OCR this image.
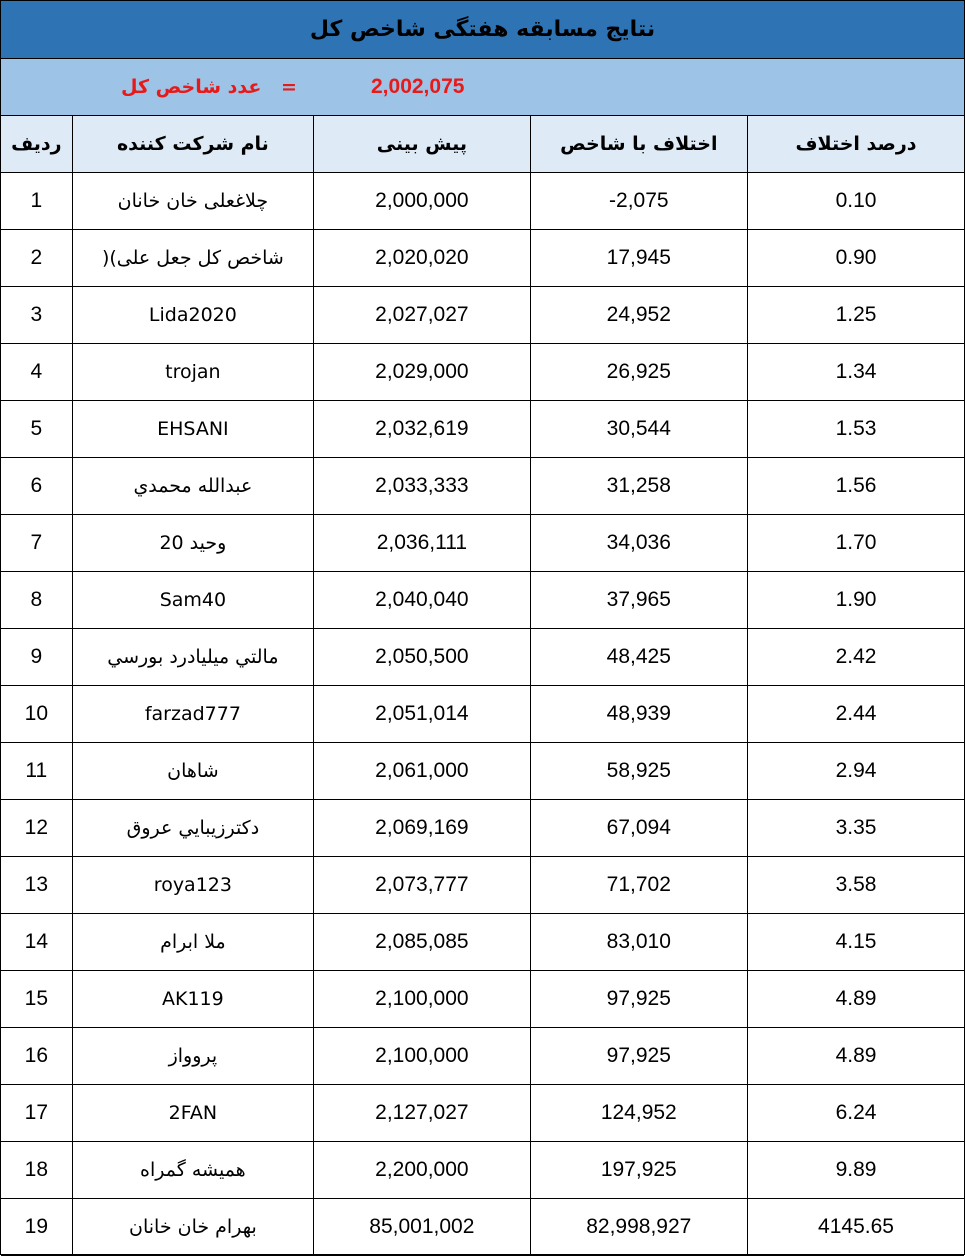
نتایج مسابقه هفتگی شاخص کل
عدد شاخص کل =	2,002,075
ردیف	نام شرکت کننده	پیش بینی	اختلاف با شاخص	درصد اختلاف
1	چلاغعلی خان خانان	2,000,000	-2,075	0.10
2	)(شاخص کل جعل علی	2,020,020	17,945	0.90
3	Lida2020	2,027,027	24,952	1.25
4	trojan	2,029,000	26,925	1.34
5	EHSANI	2,032,619	30,544	1.53
6	عبدالله محمدي	2,033,333	31,258	1.56
7	وحید 20	2,036,111	34,036	1.70
8	Sam40	2,040,040	37,965	1.90
9	مالتي ميليادرد بورسي	2,050,500	48,425	2.42
10	farzad777	2,051,014	48,939	2.44
11	شاهان	2,061,000	58,925	2.94
12	دکترزيبايي عروق	2,069,169	67,094	3.35
13	roya123	2,073,777	71,702	3.58
14	ملا ابرام	2,085,085	83,010	4.15
15	AK119	2,100,000	97,925	4.89
16	پروواز	2,100,000	97,925	4.89
17	2FAN	2,127,027	124,952	6.24
18	همیشه گمراه	2,200,000	197,925	9.89
19	بهرام خان خانان	85,001,002	82,998,927	4145.65
